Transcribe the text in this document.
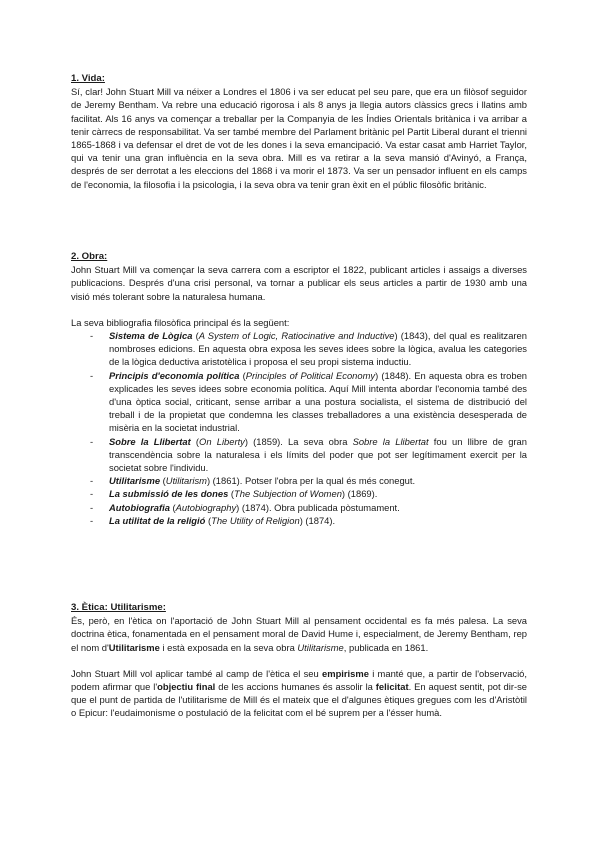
1. Vida:

Sí, clar! John Stuart Mill va néixer a Londres el 1806 i va ser educat pel seu pare, que era un filòsof seguidor de Jeremy Bentham. Va rebre una educació rigorosa i als 8 anys ja llegia autors clàssics grecs i llatins amb facilitat. Als 16 anys va començar a treballar per la Companyia de les Índies Orientals britànica i va arribar a tenir càrrecs de responsabilitat. Va ser també membre del Parlament britànic pel Partit Liberal durant el trienni 1865-1868 i va defensar el dret de vot de les dones i la seva emancipació. Va estar casat amb Harriet Taylor, qui va tenir una gran influència en la seva obra. Mill es va retirar a la seva mansió d'Avinyó, a França, després de ser derrotat a les eleccions del 1868 i va morir el 1873. Va ser un pensador influent en els camps de l'economia, la filosofia i la psicologia, i la seva obra va tenir gran èxit en el públic filosòfic britànic.

2. Obra:

John Stuart Mill va començar la seva carrera com a escriptor el 1822, publicant articles i assaigs a diverses publicacions. Després d'una crisi personal, va tornar a publicar els seus articles a partir de 1930 amb una visió més tolerant sobre la naturalesa humana.

La seva bibliografia filosòfica principal és la següent:

- Sistema de Lògica (A System of Logic, Ratiocinative and Inductive) (1843), del qual es realitzaren nombroses edicions. En aquesta obra exposa les seves idees sobre la lògica, avalua les categories de la lògica deductiva aristotèlica i proposa el seu propi sistema inductiu.
- Principis d'economia política (Principles of Political Economy) (1848). En aquesta obra es troben explicades les seves idees sobre economia política. Aquí Mill intenta abordar l'economia també des d'una òptica social, criticant, sense arribar a una postura socialista, el sistema de distribució del treball i de la propietat que condemna les classes treballadores a una existència desesperada de misèria en la societat industrial.
- Sobre la Llibertat (On Liberty) (1859). La seva obra Sobre la Llibertat fou un llibre de gran transcendència sobre la naturalesa i els límits del poder que pot ser legítimament exercit per la societat sobre l'individu.
- Utilitarisme (Utilitarism) (1861). Potser l'obra per la qual és més conegut.
- La submissió de les dones (The Subjection of Women) (1869).
- Autobiografia (Autobiography) (1874). Obra publicada pòstumament.
- La utilitat de la religió (The Utility of Religion) (1874).
3. Ètica: Utilitarisme:

És, però, en l'ètica on l'aportació de John Stuart Mill al pensament occidental es fa més palesa. La seva doctrina ètica, fonamentada en el pensament moral de David Hume i, especialment, de Jeremy Bentham, rep el nom d'Utilitarisme i està exposada en la seva obra Utilitarisme, publicada en 1861.

John Stuart Mill vol aplicar també al camp de l'ètica el seu empirisme i manté que, a partir de l'observació, podem afirmar que l'objectiu final de les accions humanes és assolir la felicitat. En aquest sentit, pot dir-se que el punt de partida de l'utilitarisme de Mill és el mateix que el d'algunes ètiques gregues com les d'Aristòtil o Epicur: l'eudaimonisme o postulació de la felicitat com el bé suprem per a l'ésser humà.
